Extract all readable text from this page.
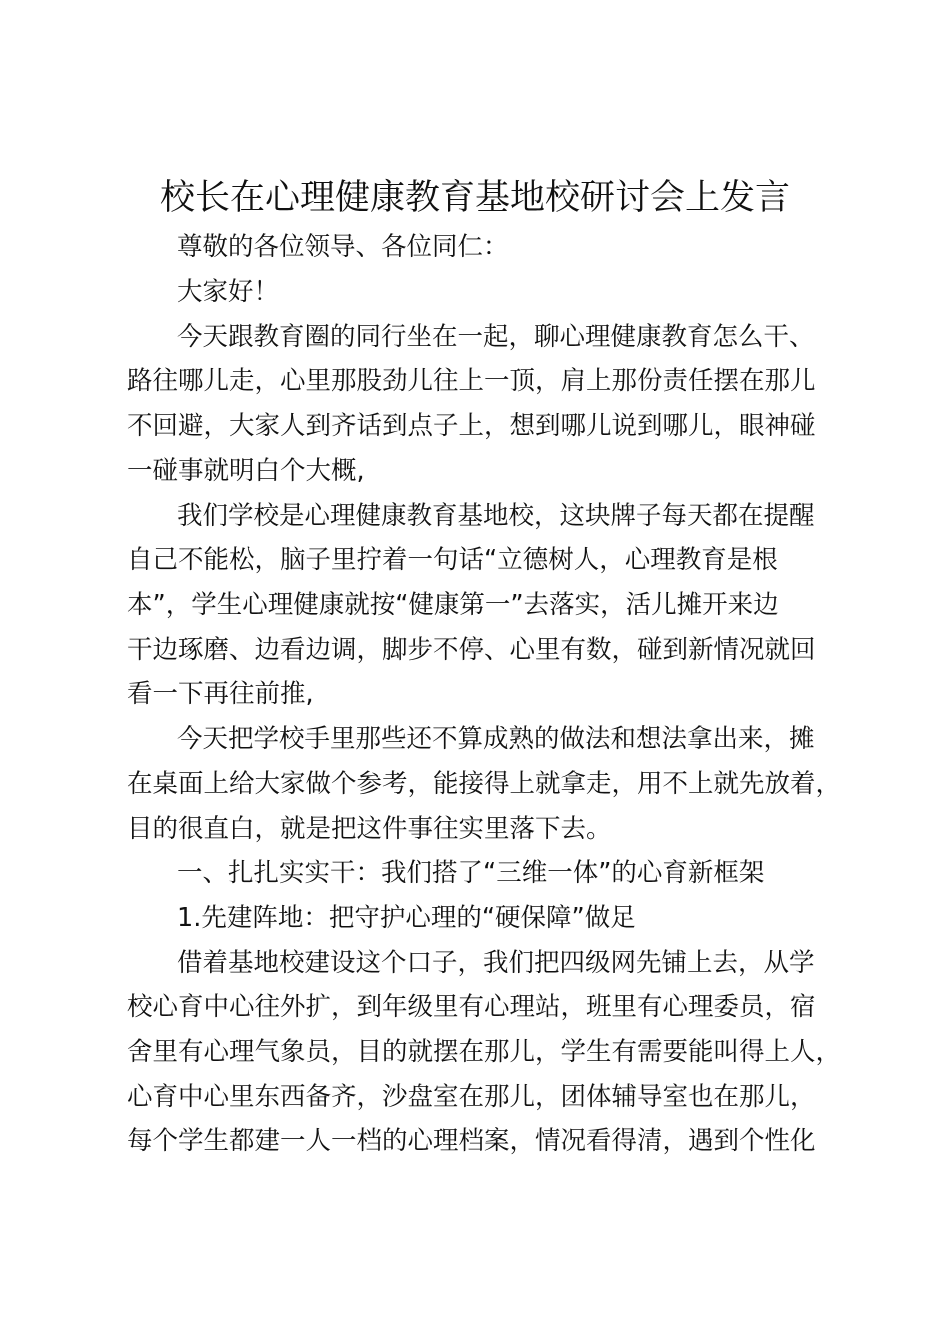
校长在心理健康教育基地校研讨会上发言
尊敬的各位领导、各位同仁：
大家好！
今天跟教育圈的同行坐在一起，聊心理健康教育怎么干、
路往哪儿走，心里那股劲儿往上一顶，肩上那份责任摆在那儿
不回避，大家人到齐话到点子上，想到哪儿说到哪儿，眼神碰
一碰事就明白个大概,
我们学校是心理健康教育基地校，这块牌子每天都在提醒
自己不能松，脑子里拧着一句话“立德树人，心理教育是根
本”，学生心理健康就按“健康第一”去落实，活儿摊开来边
干边琢磨、边看边调，脚步不停、心里有数，碰到新情况就回
看一下再往前推,
今天把学校手里那些还不算成熟的做法和想法拿出来，摊
在桌面上给大家做个参考，能接得上就拿走，用不上就先放着，
目的很直白，就是把这件事往实里落下去。
一、扎扎实实干：我们搭了“三维一体”的心育新框架
1.先建阵地：把守护心理的“硬保障”做足
借着基地校建设这个口子，我们把四级网先铺上去，从学
校心育中心往外扩，到年级里有心理站，班里有心理委员，宿
舍里有心理气象员，目的就摆在那儿，学生有需要能叫得上人，
心育中心里东西备齐，沙盘室在那儿，团体辅导室也在那儿，
每个学生都建一人一档的心理档案，情况看得清，遇到个性化
